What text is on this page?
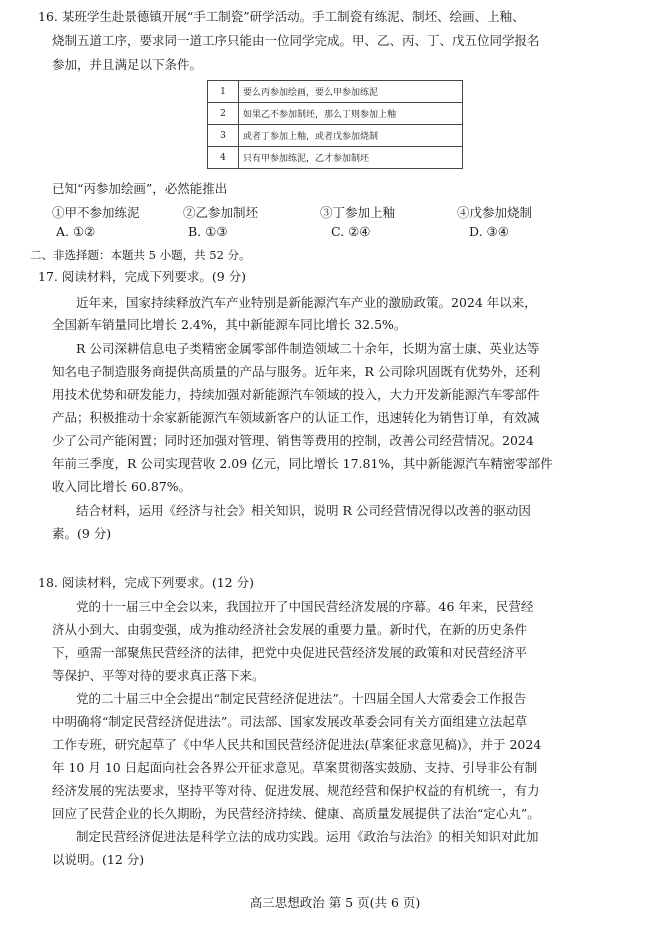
16. 某班学生赴景德镇开展“手工制瓷”研学活动。手工制瓷有练泥、制坯、绘画、上釉、
烧制五道工序，要求同一道工序只能由一位同学完成。甲、乙、丙、丁、戊五位同学报名
参加，并且满足以下条件。
1	要么丙参加绘画，要么甲参加练泥
2	如果乙不参加制坯，那么丁则参加上釉
3	或者丁参加上釉，或者戊参加烧制
4	只有甲参加练泥，乙才参加制坯
已知“丙参加绘画”，必然能推出
①甲不参加练泥	②乙参加制坯	③丁参加上釉	④戊参加烧制
A. ①②	B. ①③	C. ②④	D. ③④
二、非选择题：本题共 5 小题，共 52 分。
17. 阅读材料，完成下列要求。(9 分)
近年来，国家持续释放汽车产业特别是新能源汽车产业的激励政策。2024 年以来，
全国新车销量同比增长 2.4%，其中新能源车同比增长 32.5%。
R 公司深耕信息电子类精密金属零部件制造领域二十余年，长期为富士康、英业达等
知名电子制造服务商提供高质量的产品与服务。近年来，R 公司除巩固既有优势外，还利
用技术优势和研发能力，持续加强对新能源汽车领域的投入，大力开发新能源汽车零部件
产品；积极推动十余家新能源汽车领域新客户的认证工作，迅速转化为销售订单，有效减
少了公司产能闲置；同时还加强对管理、销售等费用的控制，改善公司经营情况。2024
年前三季度，R 公司实现营收 2.09 亿元，同比增长 17.81%，其中新能源汽车精密零部件
收入同比增长 60.87%。
结合材料，运用《经济与社会》相关知识，说明 R 公司经营情况得以改善的驱动因
素。(9 分)
18. 阅读材料，完成下列要求。(12 分)
党的十一届三中全会以来，我国拉开了中国民营经济发展的序幕。46 年来，民营经
济从小到大、由弱变强，成为推动经济社会发展的重要力量。新时代，在新的历史条件
下，亟需一部聚焦民营经济的法律，把党中央促进民营经济发展的政策和对民营经济平
等保护、平等对待的要求真正落下来。
党的二十届三中全会提出“制定民营经济促进法”。十四届全国人大常委会工作报告
中明确将“制定民营经济促进法”。司法部、国家发展改革委会同有关方面组建立法起草
工作专班，研究起草了《中华人民共和国民营经济促进法(草案征求意见稿)》，并于 2024
年 10 月 10 日起面向社会各界公开征求意见。草案贯彻落实鼓励、支持、引导非公有制
经济发展的宪法要求，坚持平等对待、促进发展、规范经营和保护权益的有机统一，有力
回应了民营企业的长久期盼，为民营经济持续、健康、高质量发展提供了法治“定心丸”。
制定民营经济促进法是科学立法的成功实践。运用《政治与法治》的相关知识对此加
以说明。(12 分)
高三思想政治 第 5 页(共 6 页)
